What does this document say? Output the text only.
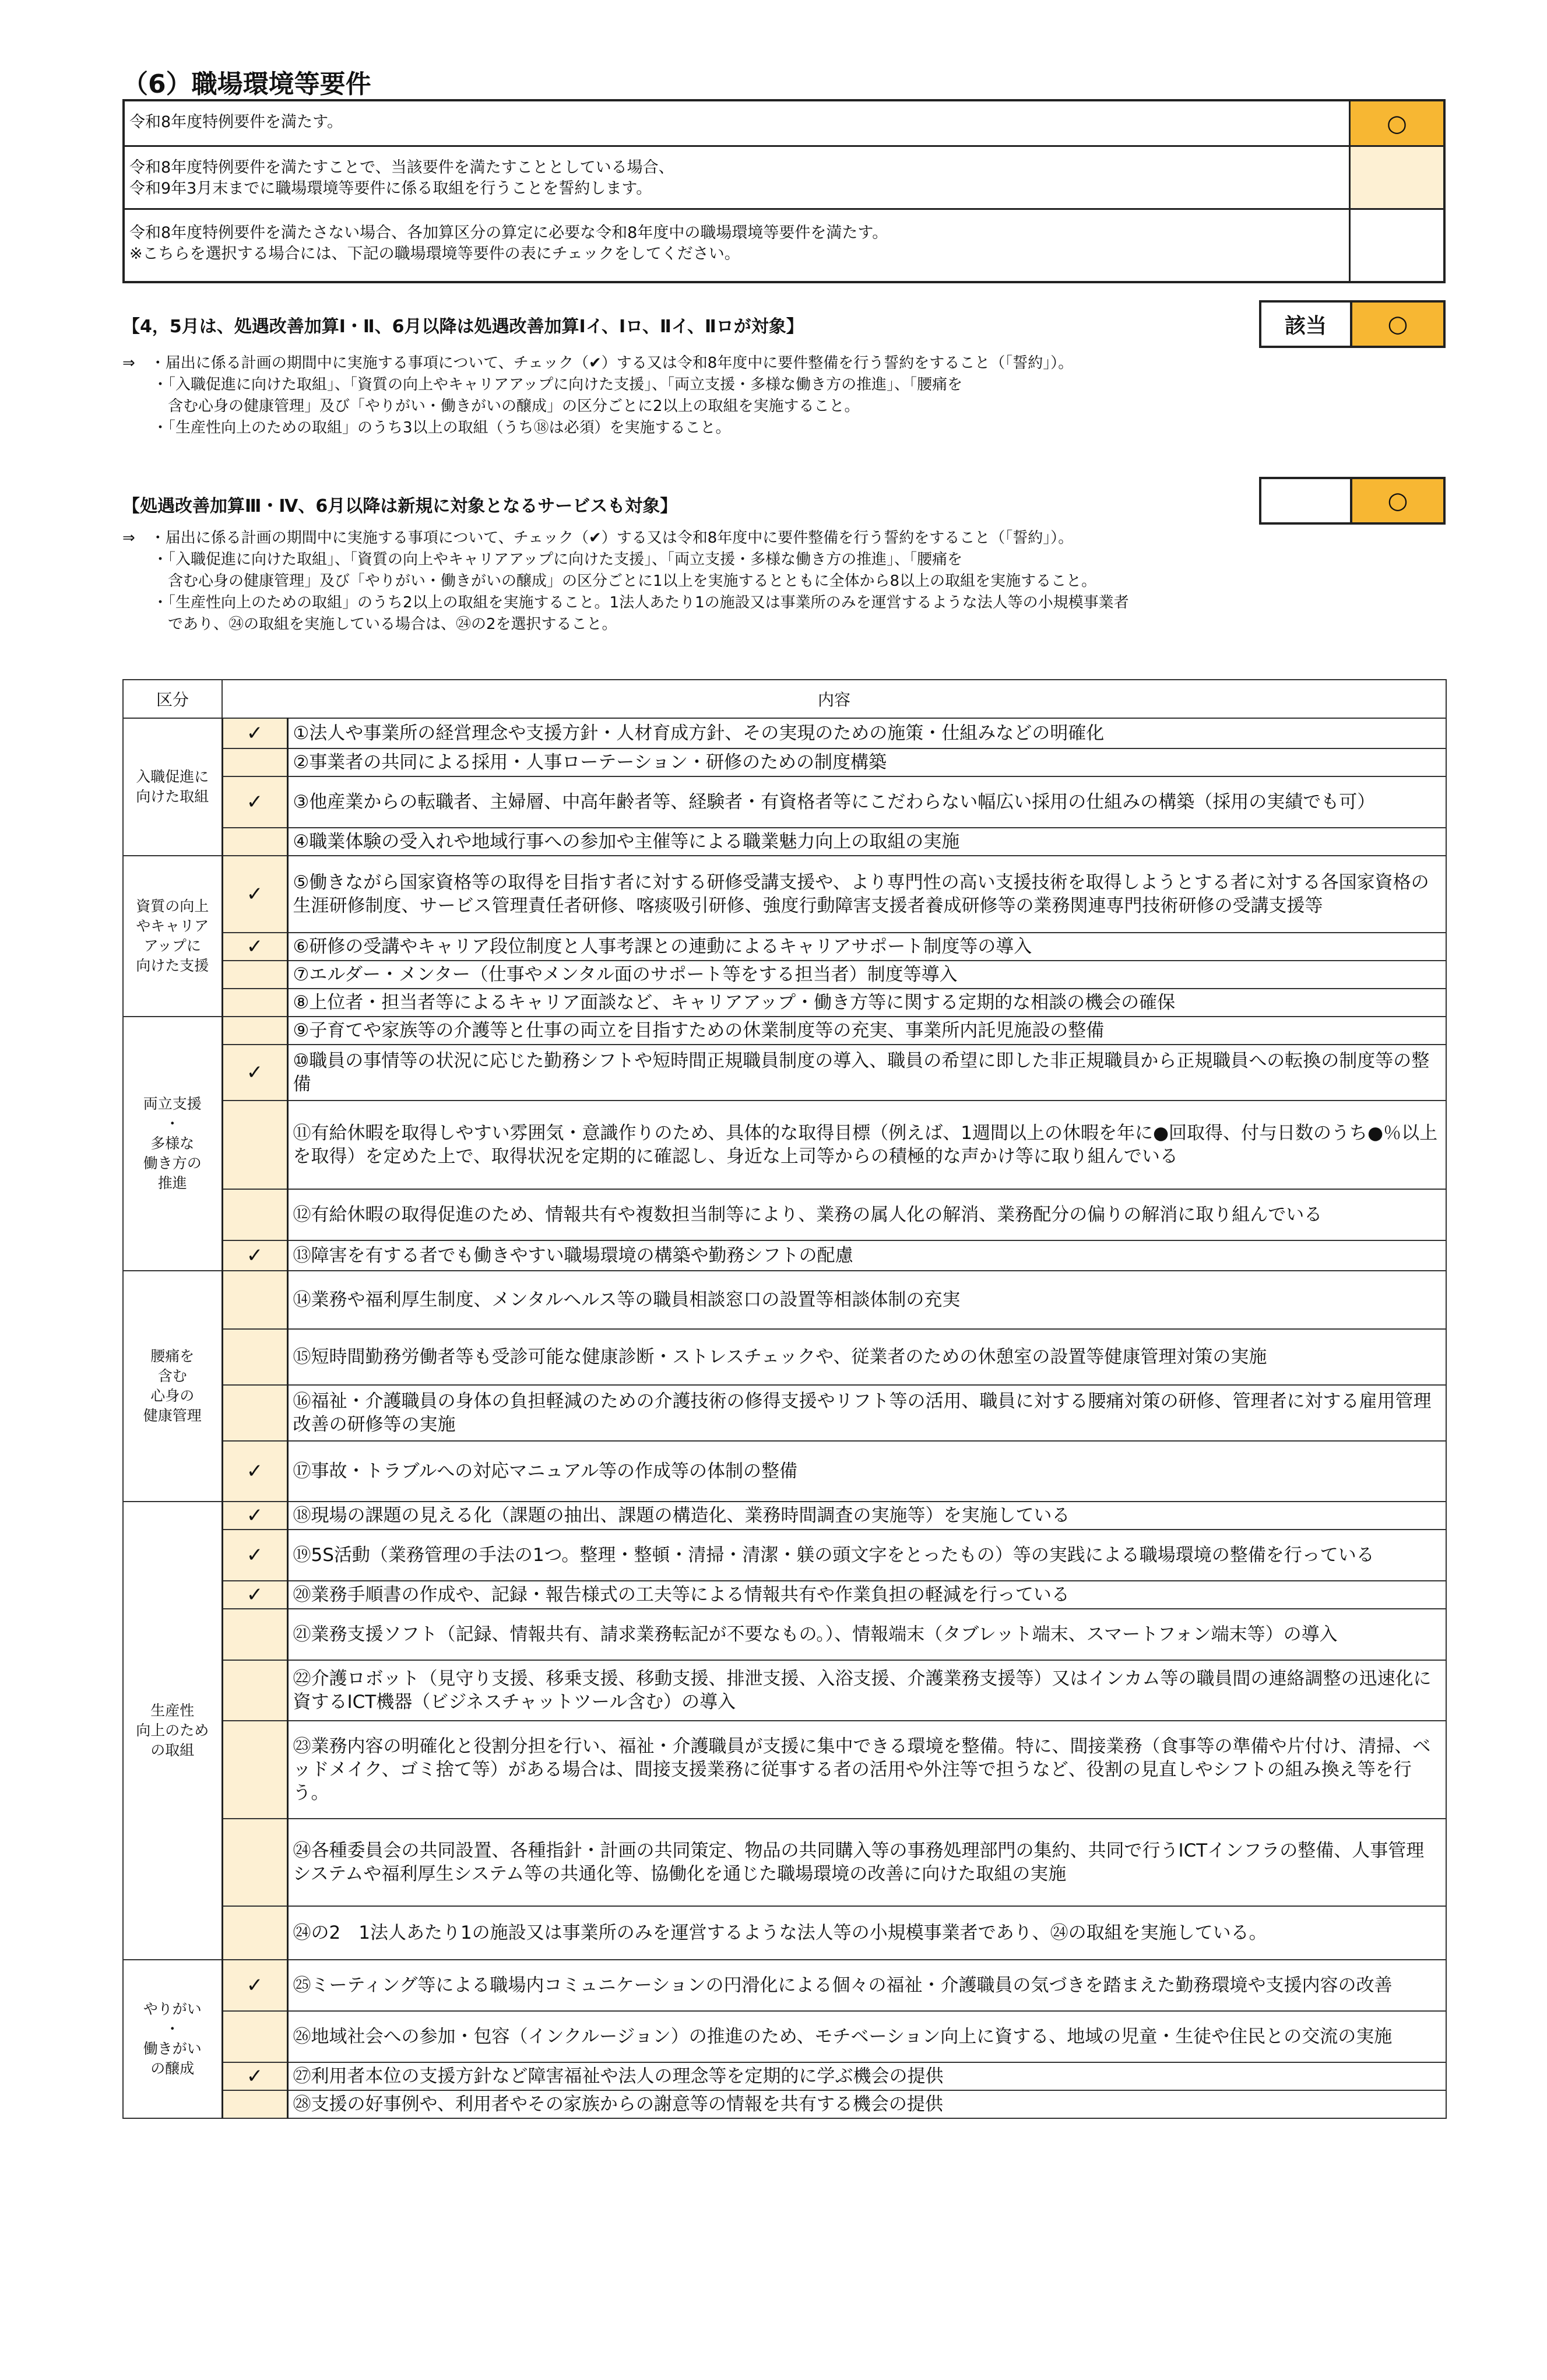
（6）職場環境等要件
令和8年度特例要件を満たす。	○
令和8年度特例要件を満たすことで、当該要件を満たすこととしている場合、
令和9年3月末までに職場環境等要件に係る取組を行うことを誓約します。
令和8年度特例要件を満たさない場合、各加算区分の算定に必要な令和8年度中の職場環境等要件を満たす。
※こちらを選択する場合には、下記の職場環境等要件の表にチェックをしてください。
【4，5月は、処遇改善加算Ⅰ・Ⅱ、6月以降は処遇改善加算Ⅰイ、Ⅰロ、Ⅱイ、Ⅱロが対象】	該当	○
⇒　・届出に係る計画の期間中に実施する事項について、チェック（✔）する又は令和8年度中に要件整備を行う誓約をすること（「誓約」）。
　　・「入職促進に向けた取組」、「資質の向上やキャリアアップに向けた支援」、「両立支援・多様な働き方の推進」、「腰痛を
　　　含む心身の健康管理」及び「やりがい・働きがいの醸成」の区分ごとに2以上の取組を実施すること。
　　・「生産性向上のための取組」のうち3以上の取組（うち⑱は必須）を実施すること。
【処遇改善加算Ⅲ・Ⅳ、6月以降は新規に対象となるサービスも対象】	○
⇒　・届出に係る計画の期間中に実施する事項について、チェック（✔）する又は令和8年度中に要件整備を行う誓約をすること（「誓約」）。
　　・「入職促進に向けた取組」、「資質の向上やキャリアアップに向けた支援」、「両立支援・多様な働き方の推進」、「腰痛を
　　　含む心身の健康管理」及び「やりがい・働きがいの醸成」の区分ごとに1以上を実施するとともに全体から8以上の取組を実施すること。
　　・「生産性向上のための取組」のうち2以上の取組を実施すること。1法人あたり1の施設又は事業所のみを運営するような法人等の小規模事業者
　　　であり、㉔の取組を実施している場合は、㉔の2を選択すること。
区分	内容	
入職促進に
向けた取組	✓	①法人や事業所の経営理念や支援方針・人材育成方針、その実現のための施策・仕組みなどの明確化
		②事業者の共同による採用・人事ローテーション・研修のための制度構築
	✓	③他産業からの転職者、主婦層、中高年齢者等、経験者・有資格者等にこだわらない幅広い採用の仕組みの構築（採用の実績でも可）
		④職業体験の受入れや地域行事への参加や主催等による職業魅力向上の取組の実施
資質の向上
やキャリア
アップに
向けた支援	✓	⑤働きながら国家資格等の取得を目指す者に対する研修受講支援や、より専門性の高い支援技術を取得しようとする者に対する各国家資格の生涯研修制度、サービス管理責任者研修、喀痰吸引研修、強度行動障害支援者養成研修等の業務関連専門技術研修の受講支援等
	✓	⑥研修の受講やキャリア段位制度と人事考課との連動によるキャリアサポート制度等の導入
		⑦エルダー・メンター（仕事やメンタル面のサポート等をする担当者）制度等導入
		⑧上位者・担当者等によるキャリア面談など、キャリアアップ・働き方等に関する定期的な相談の機会の確保
両立支援
・
多様な
働き方の
推進		⑨子育てや家族等の介護等と仕事の両立を目指すための休業制度等の充実、事業所内託児施設の整備
	✓	⑩職員の事情等の状況に応じた勤務シフトや短時間正規職員制度の導入、職員の希望に即した非正規職員から正規職員への転換の制度等の整備
		⑪有給休暇を取得しやすい雰囲気・意識作りのため、具体的な取得目標（例えば、1週間以上の休暇を年に●回取得、付与日数のうち●％以上を取得）を定めた上で、取得状況を定期的に確認し、身近な上司等からの積極的な声かけ等に取り組んでいる
		⑫有給休暇の取得促進のため、情報共有や複数担当制等により、業務の属人化の解消、業務配分の偏りの解消に取り組んでいる
	✓	⑬障害を有する者でも働きやすい職場環境の構築や勤務シフトの配慮
腰痛を
含む
心身の
健康管理		⑭業務や福利厚生制度、メンタルヘルス等の職員相談窓口の設置等相談体制の充実
		⑮短時間勤務労働者等も受診可能な健康診断・ストレスチェックや、従業者のための休憩室の設置等健康管理対策の実施
		⑯福祉・介護職員の身体の負担軽減のための介護技術の修得支援やリフト等の活用、職員に対する腰痛対策の研修、管理者に対する雇用管理改善の研修等の実施
	✓	⑰事故・トラブルへの対応マニュアル等の作成等の体制の整備
生産性
向上のため
の取組	✓	⑱現場の課題の見える化（課題の抽出、課題の構造化、業務時間調査の実施等）を実施している
	✓	⑲5S活動（業務管理の手法の1つ。整理・整頓・清掃・清潔・躾の頭文字をとったもの）等の実践による職場環境の整備を行っている
	✓	⑳業務手順書の作成や、記録・報告様式の工夫等による情報共有や作業負担の軽減を行っている
		㉑業務支援ソフト（記録、情報共有、請求業務転記が不要なもの。）、情報端末（タブレット端末、スマートフォン端末等）の導入
		㉒介護ロボット（見守り支援、移乗支援、移動支援、排泄支援、入浴支援、介護業務支援等）又はインカム等の職員間の連絡調整の迅速化に資するICT機器（ビジネスチャットツール含む）の導入
		㉓業務内容の明確化と役割分担を行い、福祉・介護職員が支援に集中できる環境を整備。特に、間接業務（食事等の準備や片付け、清掃、ベッドメイク、ゴミ捨て等）がある場合は、間接支援業務に従事する者の活用や外注等で担うなど、役割の見直しやシフトの組み換え等を行う。
		㉔各種委員会の共同設置、各種指針・計画の共同策定、物品の共同購入等の事務処理部門の集約、共同で行うICTインフラの整備、人事管理システムや福利厚生システム等の共通化等、協働化を通じた職場環境の改善に向けた取組の実施
		㉔の2　1法人あたり1の施設又は事業所のみを運営するような法人等の小規模事業者であり、㉔の取組を実施している。
やりがい
・
働きがい
の醸成	✓	㉕ミーティング等による職場内コミュニケーションの円滑化による個々の福祉・介護職員の気づきを踏まえた勤務環境や支援内容の改善
		㉖地域社会への参加・包容（インクルージョン）の推進のため、モチベーション向上に資する、地域の児童・生徒や住民との交流の実施
	✓	㉗利用者本位の支援方針など障害福祉や法人の理念等を定期的に学ぶ機会の提供
		㉘支援の好事例や、利用者やその家族からの謝意等の情報を共有する機会の提供
